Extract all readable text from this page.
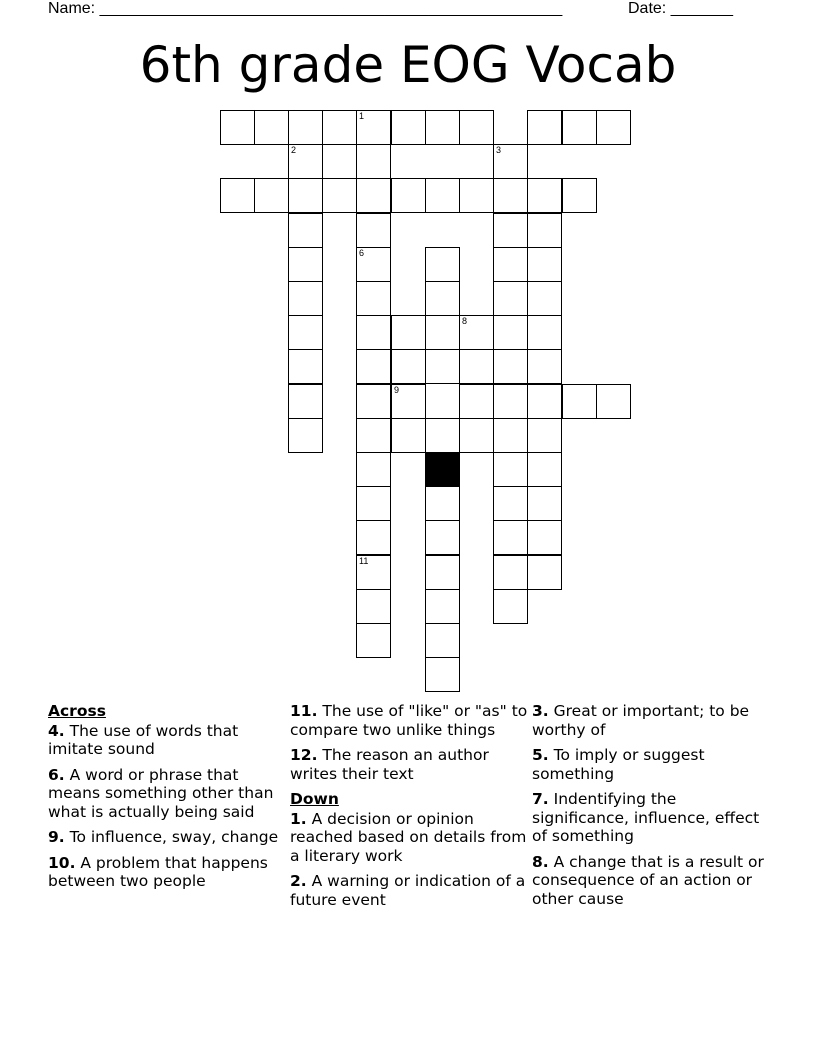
Name: ____________________________________________________	Date: _______
6th grade EOG Vocab
1
6
11
2	3
8
9
Across
4. The use of words that imitate sound
6. A word or phrase that means something other than what is actually being said
9. To influence, sway, change
10. A problem that happens between two people
11. The use of "like" or "as" to compare two unlike things
12. The reason an author writes their text
Down
1. A decision or opinion reached based on details from a literary work
2. A warning or indication of a future event
3. Great or important; to be worthy of
5. To imply or suggest something
7. Indentifying the significance, influence, effect of something
8. A change that is a result or consequence of an action or other cause
